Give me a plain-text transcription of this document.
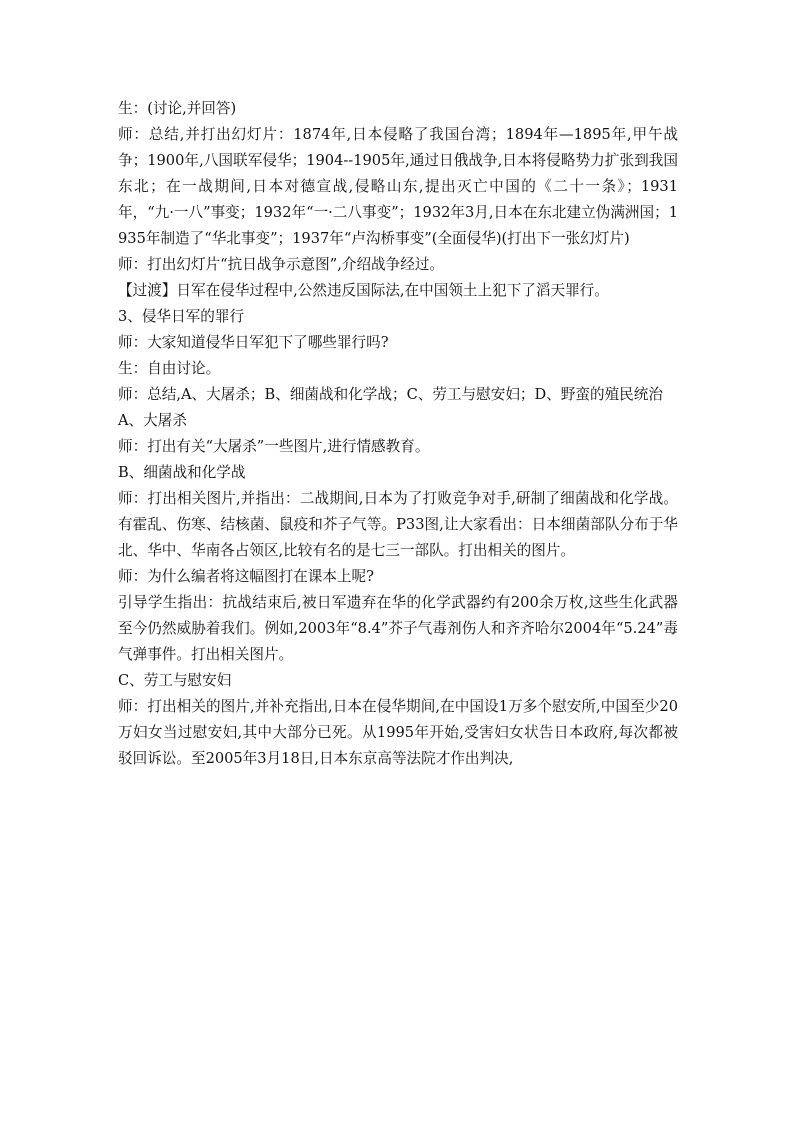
生：(讨论,并回答)

师：总结,并打出幻灯片：1874年,日本侵略了我国台湾；1894年—1895年,甲午战争；1900年,八国联军侵华；1904--1905年,通过日俄战争,日本将侵略势力扩张到我国东北；在一战期间,日本对德宣战,侵略山东,提出灭亡中国的《二十一条》；1931年，“九·一八”事变；1932年“一·二八事变”；1932年3月,日本在东北建立伪满洲国；1935年制造了“华北事变”；1937年“卢沟桥事变”(全面侵华)(打出下一张幻灯片)

师：打出幻灯片“抗日战争示意图”,介绍战争经过。

【过渡】日军在侵华过程中,公然违反国际法,在中国领土上犯下了滔天罪行。

3、侵华日军的罪行

师：大家知道侵华日军犯下了哪些罪行吗?

生：自由讨论。

师：总结,A、大屠杀；B、细菌战和化学战；C、劳工与慰安妇；D、野蛮的殖民统治

A、大屠杀

师：打出有关“大屠杀”一些图片,进行情感教育。

B、细菌战和化学战

师：打出相关图片,并指出：二战期间,日本为了打败竞争对手,研制了细菌战和化学战。有霍乱、伤寒、结核菌、鼠疫和芥子气等。P33图,让大家看出：日本细菌部队分布于华北、华中、华南各占领区,比较有名的是七三一部队。打出相关的图片。

师：为什么编者将这幅图打在课本上呢?

引导学生指出：抗战结束后,被日军遗弃在华的化学武器约有200余万枚,这些生化武器至今仍然威胁着我们。例如,2003年“8.4”芥子气毒剂伤人和齐齐哈尔2004年“5.24”毒气弹事件。打出相关图片。

C、劳工与慰安妇

师：打出相关的图片,并补充指出,日本在侵华期间,在中国设1万多个慰安所,中国至少20万妇女当过慰安妇,其中大部分已死。从1995年开始,受害妇女状告日本政府,每次都被驳回诉讼。至2005年3月18日,日本东京高等法院才作出判决,
